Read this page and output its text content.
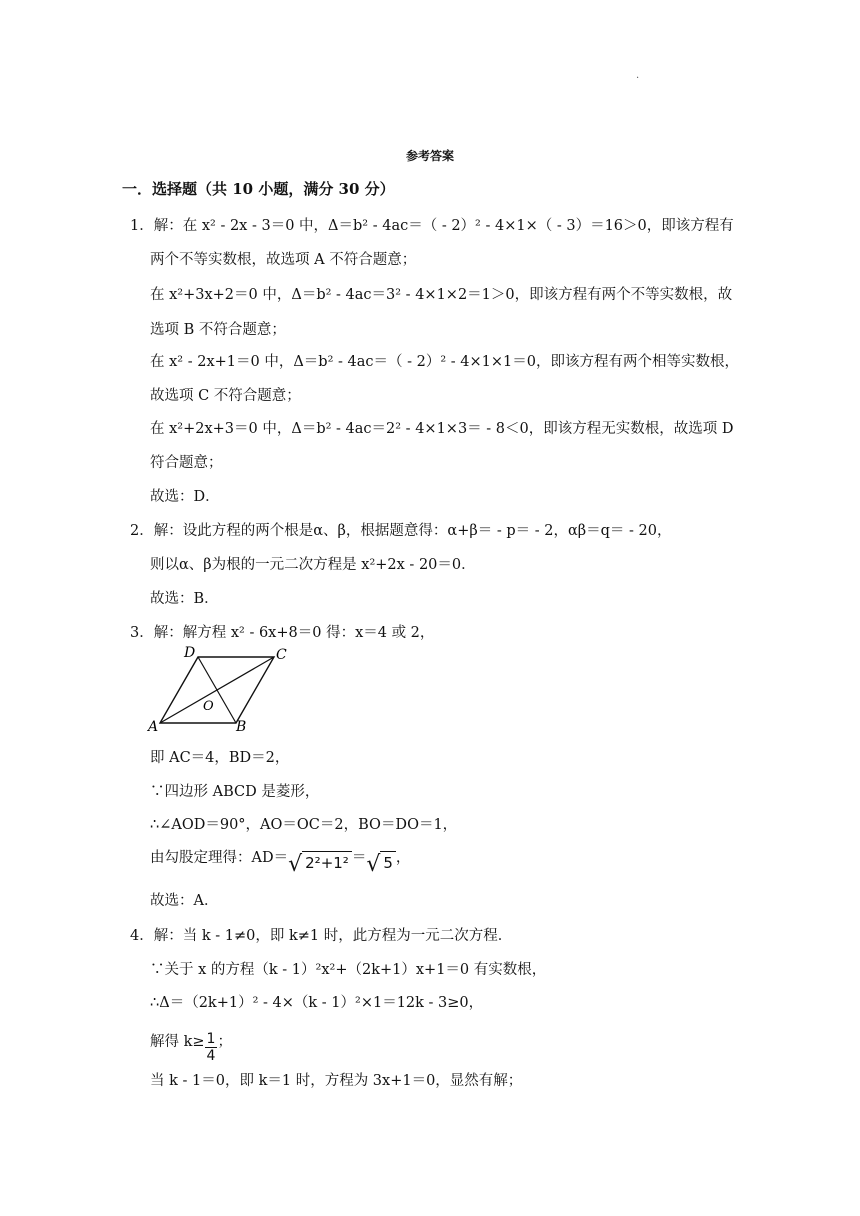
.
参考答案
一．选择题（共 10 小题，满分 30 分）
1．解：在 x² - 2x - 3＝0 中，Δ＝b² - 4ac＝（ - 2）² - 4×1×（ - 3）＝16＞0，即该方程有
两个不等实数根，故选项 A 不符合题意；
在 x²+3x+2＝0 中，Δ＝b² - 4ac＝3² - 4×1×2＝1＞0，即该方程有两个不等实数根，故
选项 B 不符合题意；
在 x² - 2x+1＝0 中，Δ＝b² - 4ac＝（ - 2）² - 4×1×1＝0，即该方程有两个相等实数根，
故选项 C 不符合题意；
在 x²+2x+3＝0 中，Δ＝b² - 4ac＝2² - 4×1×3＝ - 8＜0，即该方程无实数根，故选项 D
符合题意；
故选：D．
2．解：设此方程的两个根是α、β，根据题意得：α+β＝ - p＝ - 2，αβ＝q＝ - 20，
则以α、β为根的一元二次方程是 x²+2x - 20＝0．
故选：B．
3．解：解方程 x² - 6x+8＝0 得：x＝4 或 2，
A	B
C
D
O
即 AC＝4，BD＝2，
∵四边形 ABCD 是菱形，
∴∠AOD＝90°，AO＝OC＝2，BO＝DO＝1，
由勾股定理得：AD＝√ 2²+1² ＝√ 5 ，
故选：A．
4．解：当 k - 1≠0，即 k≠1 时，此方程为一元二次方程．
∵关于 x 的方程（k - 1）²x²+（2k+1）x+1＝0 有实数根，
∴Δ＝（2k+1）² - 4×（k - 1）²×1＝12k - 3≥0，
解得 $k\ge \frac{1}{4}$ ；
当 k - 1＝0，即 k＝1 时，方程为 3x+1＝0，显然有解；
